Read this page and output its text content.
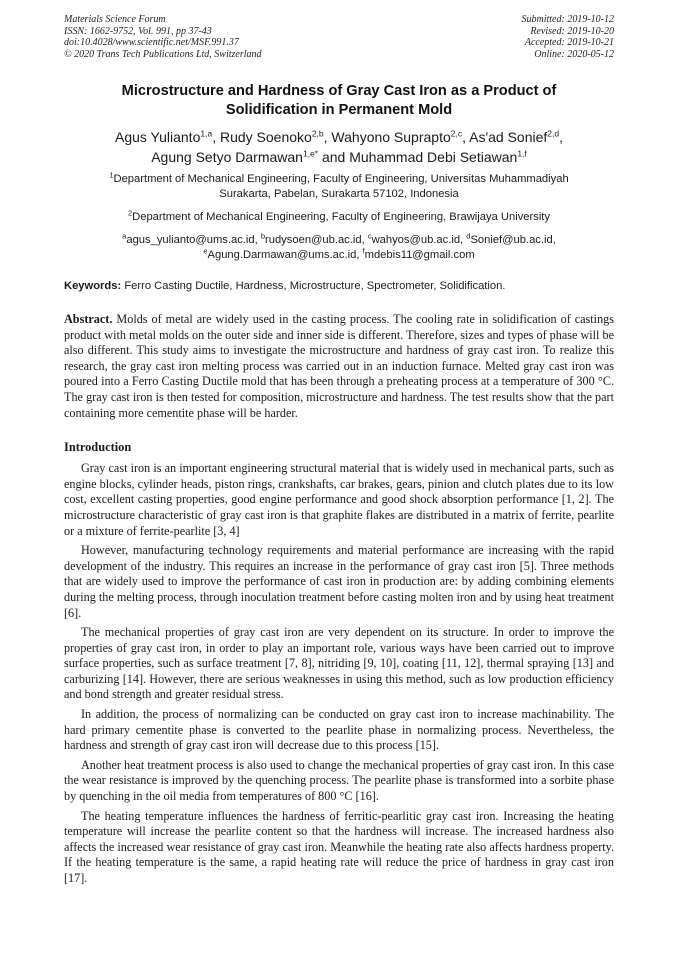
Materials Science Forum
ISSN: 1662-9752, Vol. 991, pp 37-43
doi:10.4028/www.scientific.net/MSF.991.37
© 2020 Trans Tech Publications Ltd, Switzerland
Submitted: 2019-10-12
Revised: 2019-10-20
Accepted: 2019-10-21
Online: 2020-05-12
Microstructure and Hardness of Gray Cast Iron as a Product of Solidification in Permanent Mold
Agus Yulianto$^{1,a}$, Rudy Soenoko$^{2,b}$, Wahyono Suprapto$^{2,c}$, As'ad Sonief$^{2,d}$,
Agung Setyo Darmawan$^{1,e*}$ and Muhammad Debi Setiawan$^{1,f}$
$^1$Department of Mechanical Engineering, Faculty of Engineering, Universitas Muhammadiyah Surakarta, Pabelan, Surakarta 57102, Indonesia
$^2$Department of Mechanical Engineering, Faculty of Engineering, Brawijaya University
$^a$agus_yulianto@ums.ac.id, $^b$rudysoen@ub.ac.id, $^c$wahyos@ub.ac.id, $^d$Sonief@ub.ac.id,
$^e$Agung.Darmawan@ums.ac.id, $^f$mdebis11@gmail.com
Keywords: Ferro Casting Ductile, Hardness, Microstructure, Spectrometer, Solidification.
Abstract. Molds of metal are widely used in the casting process. The cooling rate in solidification of castings product with metal molds on the outer side and inner side is different. Therefore, sizes and types of phase will be also different. This study aims to investigate the microstructure and hardness of gray cast iron. To realize this research, the gray cast iron melting process was carried out in an induction furnace. Melted gray cast iron was poured into a Ferro Casting Ductile mold that has been through a preheating process at a temperature of 300 °C. The gray cast iron is then tested for composition, microstructure and hardness. The test results show that the part containing more cementite phase will be harder.
Introduction
Gray cast iron is an important engineering structural material that is widely used in mechanical parts, such as engine blocks, cylinder heads, piston rings, crankshafts, car brakes, gears, pinion and clutch plates due to its low cost, excellent casting properties, good engine performance and good shock absorption performance [1, 2]. The microstructure characteristic of gray cast iron is that graphite flakes are distributed in a matrix of ferrite, pearlite or a mixture of ferrite-pearlite [3, 4]
However, manufacturing technology requirements and material performance are increasing with the rapid development of the industry. This requires an increase in the performance of gray cast iron [5]. Three methods that are widely used to improve the performance of cast iron in production are: by adding combining elements during the melting process, through inoculation treatment before casting molten iron and by using heat treatment [6].
The mechanical properties of gray cast iron are very dependent on its structure. In order to improve the properties of gray cast iron, in order to play an important role, various ways have been carried out to improve surface properties, such as surface treatment [7, 8], nitriding [9, 10], coating [11, 12], thermal spraying [13] and carburizing [14]. However, there are serious weaknesses in using this method, such as low production efficiency and bond strength and greater residual stress.
In addition, the process of normalizing can be conducted on gray cast iron to increase machinability. The hard primary cementite phase is converted to the pearlite phase in normalizing process. Nevertheless, the hardness and strength of gray cast iron will decrease due to this process [15].
Another heat treatment process is also used to change the mechanical properties of gray cast iron. In this case the wear resistance is improved by the quenching process. The pearlite phase is transformed into a sorbite phase by quenching in the oil media from temperatures of 800 °C [16].
The heating temperature influences the hardness of ferritic-pearlitic gray cast iron. Increasing the heating temperature will increase the pearlite content so that the hardness will increase. The increased hardness also affects the increased wear resistance of gray cast iron. Meanwhile the heating rate also affects hardness property. If the heating temperature is the same, a rapid heating rate will reduce the price of hardness in gray cast iron [17].
